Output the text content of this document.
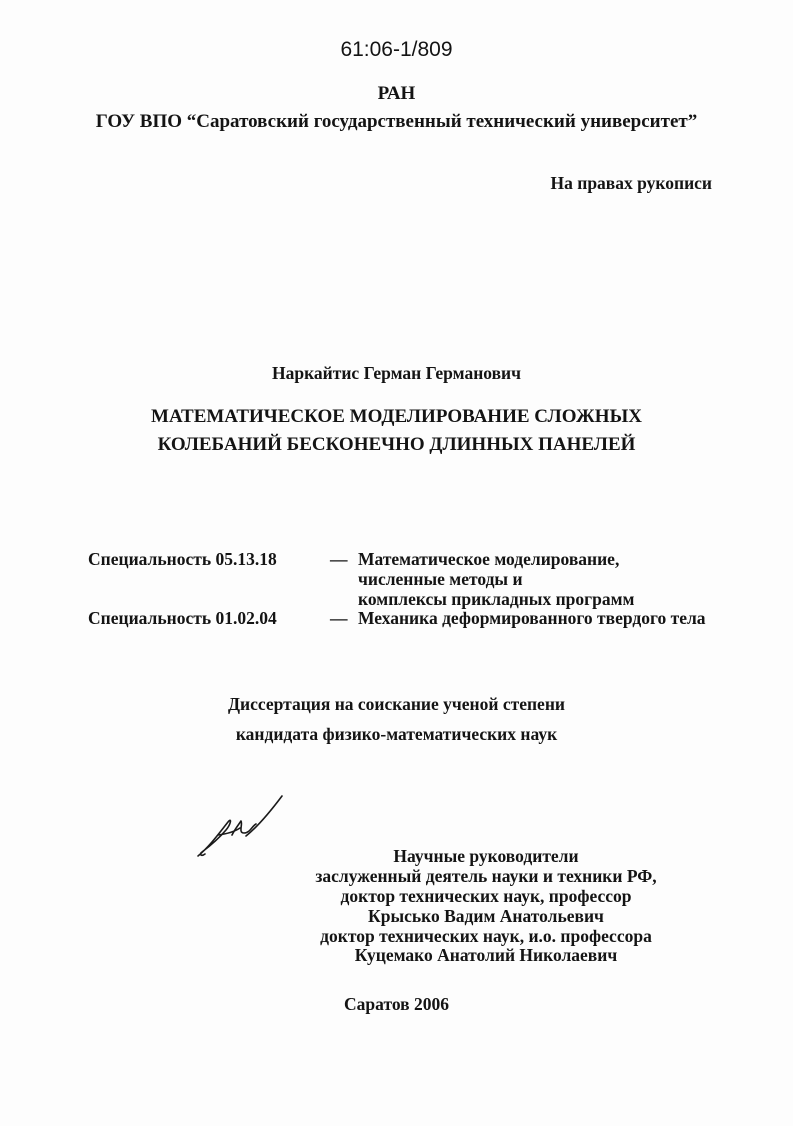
61:06-1/809
РАН
ГОУ ВПО “Саратовский государственный технический университет”
На правах рукописи
Наркайтис Герман Германович
МАТЕМАТИЧЕСКОЕ МОДЕЛИРОВАНИЕ СЛОЖНЫХ
КОЛЕБАНИЙ БЕСКОНЕЧНО ДЛИННЫХ ПАНЕЛЕЙ
Специальность 05.13.18	— Математическое моделирование,
численные методы и
комплексы прикладных программ
Специальность 01.02.04	— Механика деформированного твердого тела
Диссертация на соискание ученой степени
кандидата физико-математических наук
Научные руководители
заслуженный деятель науки и техники РФ,
доктор технических наук, профессор
Крысько Вадим Анатольевич
доктор технических наук, и.о. профессора
Куцемако Анатолий Николаевич
Саратов 2006
